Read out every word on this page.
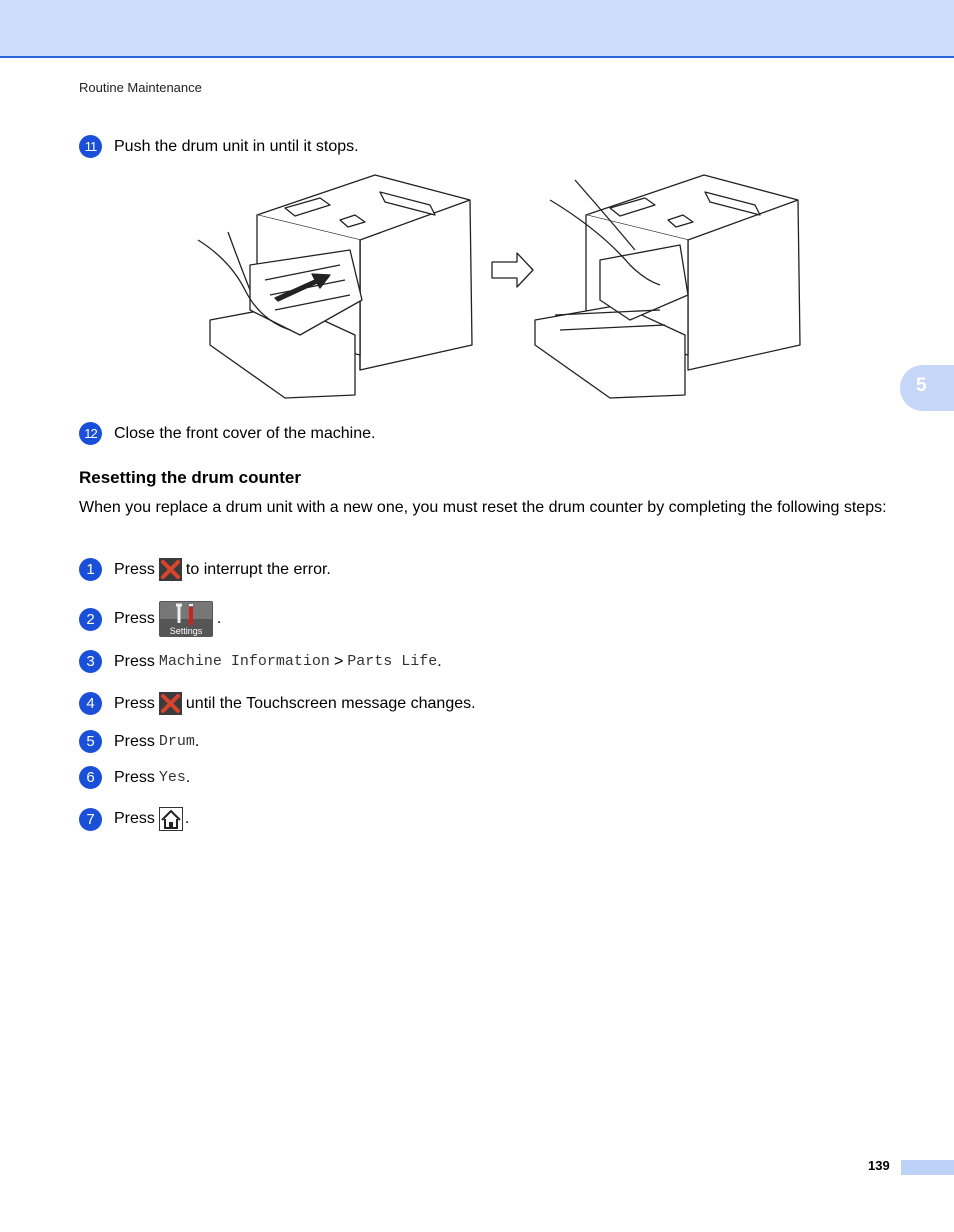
Routine Maintenance
5
11	Push the drum unit in until it stops.
12	Close the front cover of the machine.
Resetting the drum counter
When you replace a drum unit with a new one, you must reset the drum counter by completing the following steps:
1	Press to interrupt the error.
2	Press
Settings
.
3	Press Machine Information > Parts Life .
4	Press until the Touchscreen message changes.
5	Press Drum .
6	Press Yes .
7	Press .
139
